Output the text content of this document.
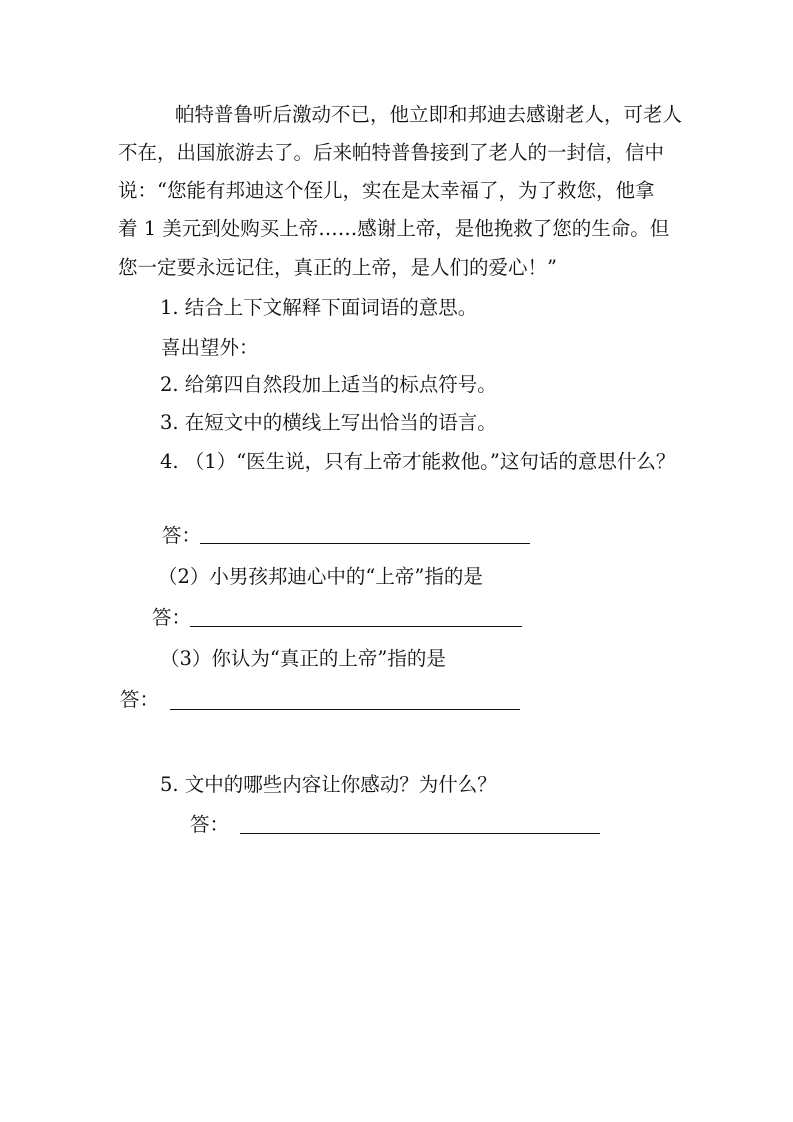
帕特普鲁听后激动不已，他立即和邦迪去感谢老人，可老人
不在，出国旅游去了。后来帕特普鲁接到了老人的一封信，信中
说：“您能有邦迪这个侄儿，实在是太幸福了，为了救您，他拿
着 1 美元到处购买上帝……感谢上帝，是他挽救了您的生命。但
您一定要永远记住，真正的上帝，是人们的爱心！”
1. 结合上下文解释下面词语的意思。
喜出望外：
2. 给第四自然段加上适当的标点符号。
3. 在短文中的横线上写出恰当的语言。
4. （1）“医生说，只有上帝才能救他。”这句话的意思什么？
答：
（2）小男孩邦迪心中的“上帝”指的是
答：
（3）你认为“真正的上帝”指的是
答：
5. 文中的哪些内容让你感动？为什么？
答：
